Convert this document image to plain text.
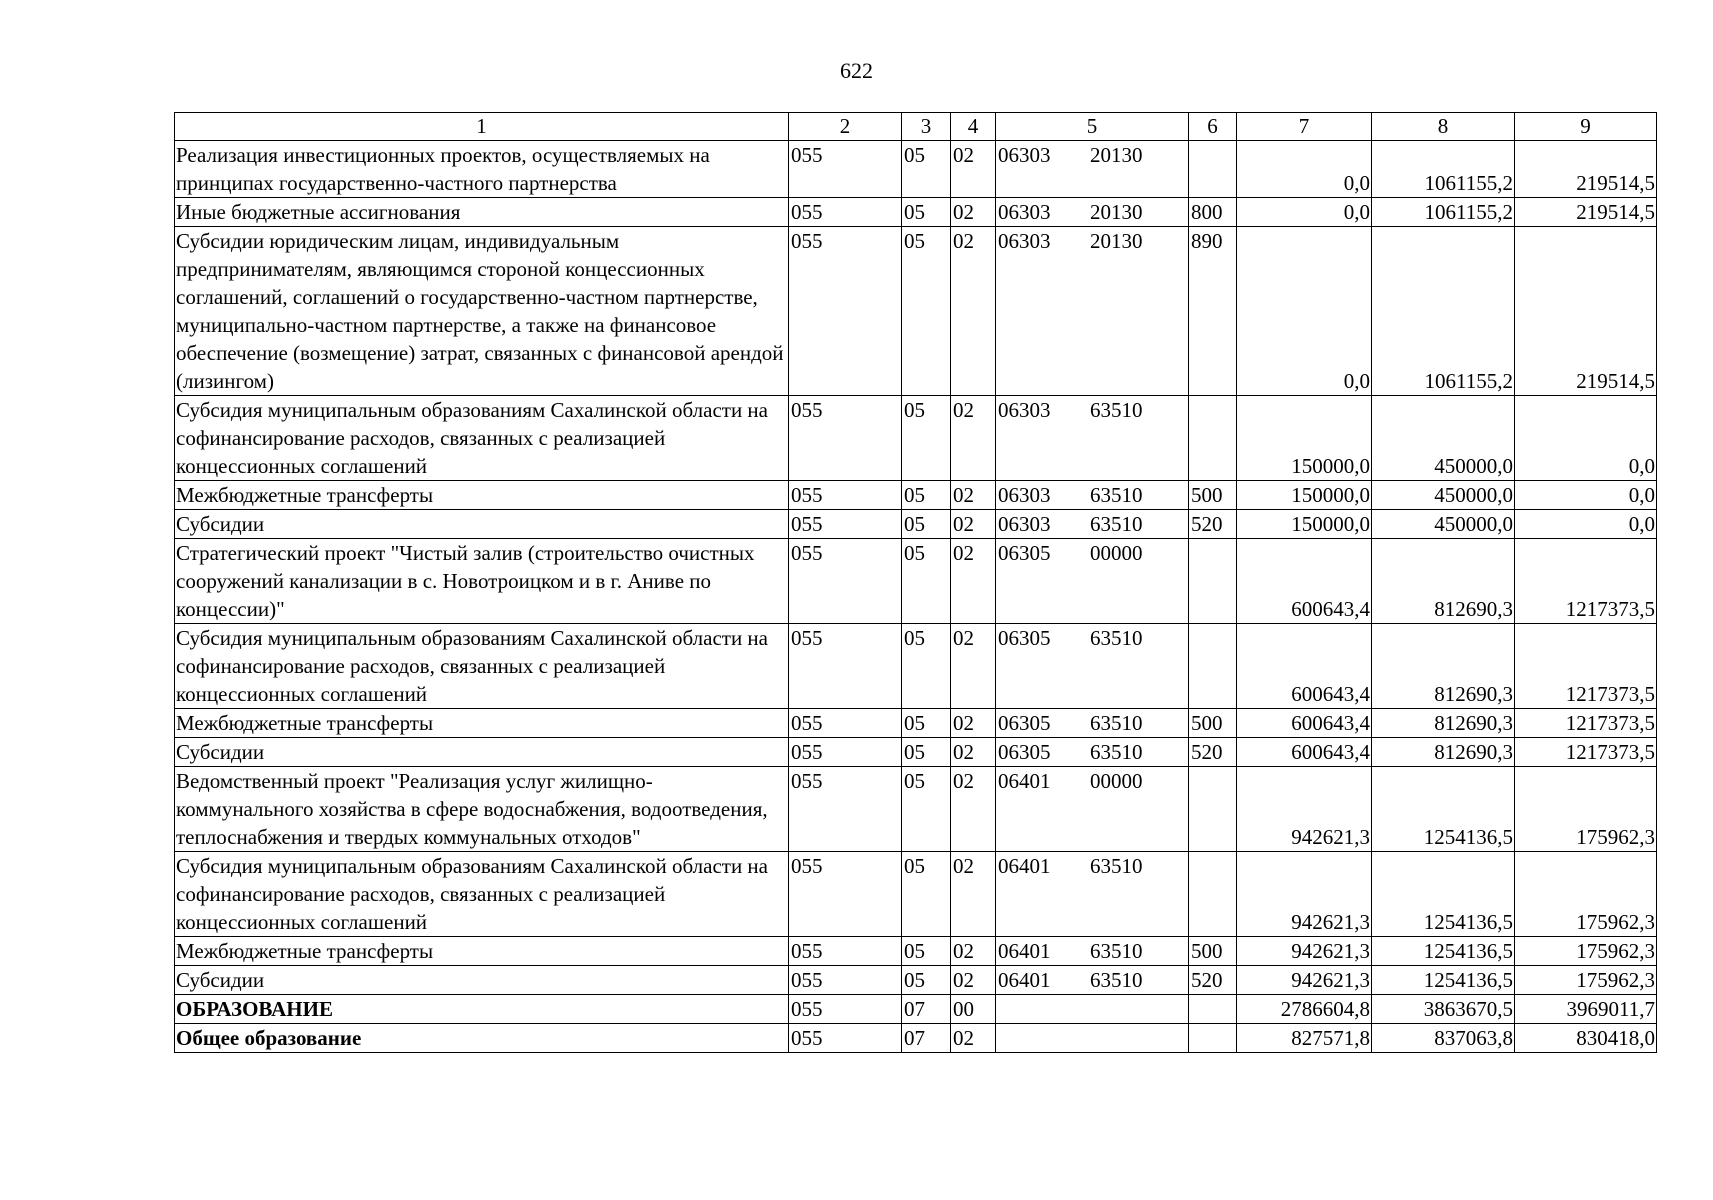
622
1	2	3	4	5	6	7	8	9
Реализация инвестиционных проектов, осуществляемых на принципах государственно-частного партнерства	055	05	02	06303 20130		0,0	1061155,2	219514,5
Иные бюджетные ассигнования	055	05	02	06303 20130	800	0,0	1061155,2	219514,5
Субсидии юридическим лицам, индивидуальным предпринимателям, являющимся стороной концессионных соглашений, соглашений о государственно-частном партнерстве, муниципально-частном партнерстве, а также на финансовое обеспечение (возмещение) затрат, связанных с финансовой арендой (лизингом)	055	05	02	06303 20130	890	0,0	1061155,2	219514,5
Субсидия муниципальным образованиям Сахалинской области на софинансирование расходов, связанных с реализацией концессионных соглашений	055	05	02	06303 63510		150000,0	450000,0	0,0
Межбюджетные трансферты	055	05	02	06303 63510	500	150000,0	450000,0	0,0
Субсидии	055	05	02	06303 63510	520	150000,0	450000,0	0,0
Стратегический проект "Чистый залив (строительство очистных сооружений канализации в с. Новотроицком и в г. Аниве по концессии)"	055	05	02	06305 00000		600643,4	812690,3	1217373,5
Субсидия муниципальным образованиям Сахалинской области на софинансирование расходов, связанных с реализацией концессионных соглашений	055	05	02	06305 63510		600643,4	812690,3	1217373,5
Межбюджетные трансферты	055	05	02	06305 63510	500	600643,4	812690,3	1217373,5
Субсидии	055	05	02	06305 63510	520	600643,4	812690,3	1217373,5
Ведомственный проект "Реализация услуг жилищно-коммунального хозяйства в сфере водоснабжения, водоотведения, теплоснабжения и твердых коммунальных отходов"	055	05	02	06401 00000		942621,3	1254136,5	175962,3
Субсидия муниципальным образованиям Сахалинской области на софинансирование расходов, связанных с реализацией концессионных соглашений	055	05	02	06401 63510		942621,3	1254136,5	175962,3
Межбюджетные трансферты	055	05	02	06401 63510	500	942621,3	1254136,5	175962,3
Субсидии	055	05	02	06401 63510	520	942621,3	1254136,5	175962,3
ОБРАЗОВАНИЕ	055	07	00			2786604,8	3863670,5	3969011,7
Общее образование	055	07	02			827571,8	837063,8	830418,0
